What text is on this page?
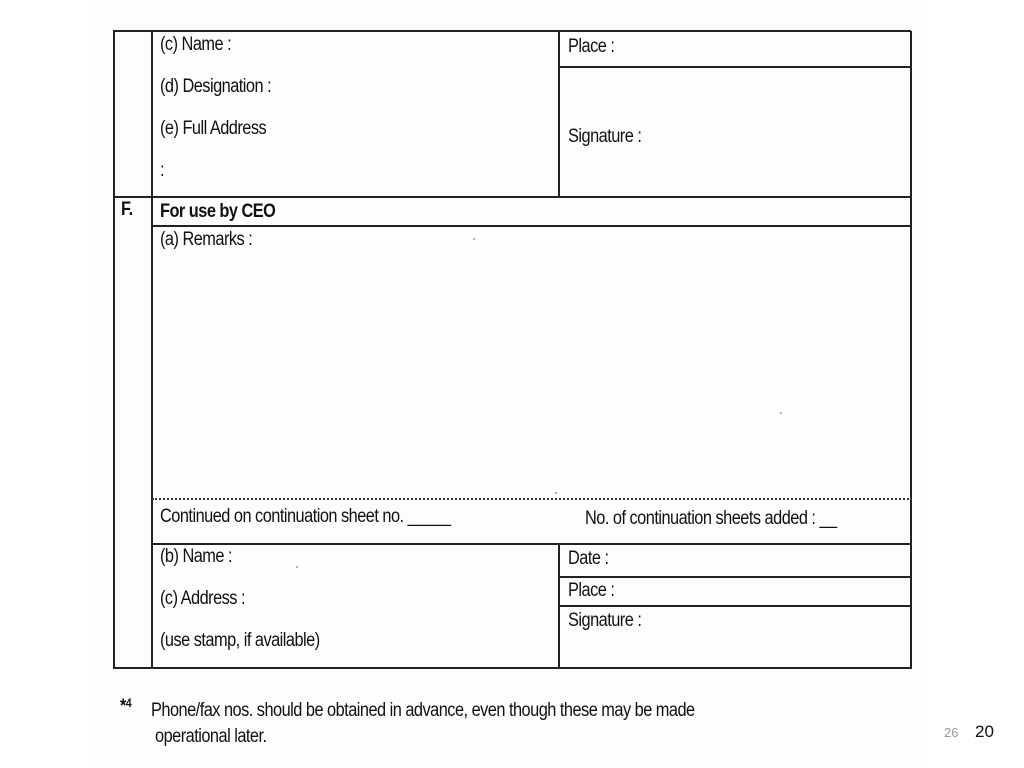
(c) Name :
(d) Designation :
(e) Full Address
:
Place :
Signature :
F. For use by CEO
(a) Remarks :
Continued on continuation sheet no. _____	No. of continuation sheets added : __
(b) Name :
(c) Address :
(use stamp, if available)
Date :
Place :
Signature :
*$^4$ Phone/fax nos. should be obtained in advance, even though these may be made
operational later.	26 20
